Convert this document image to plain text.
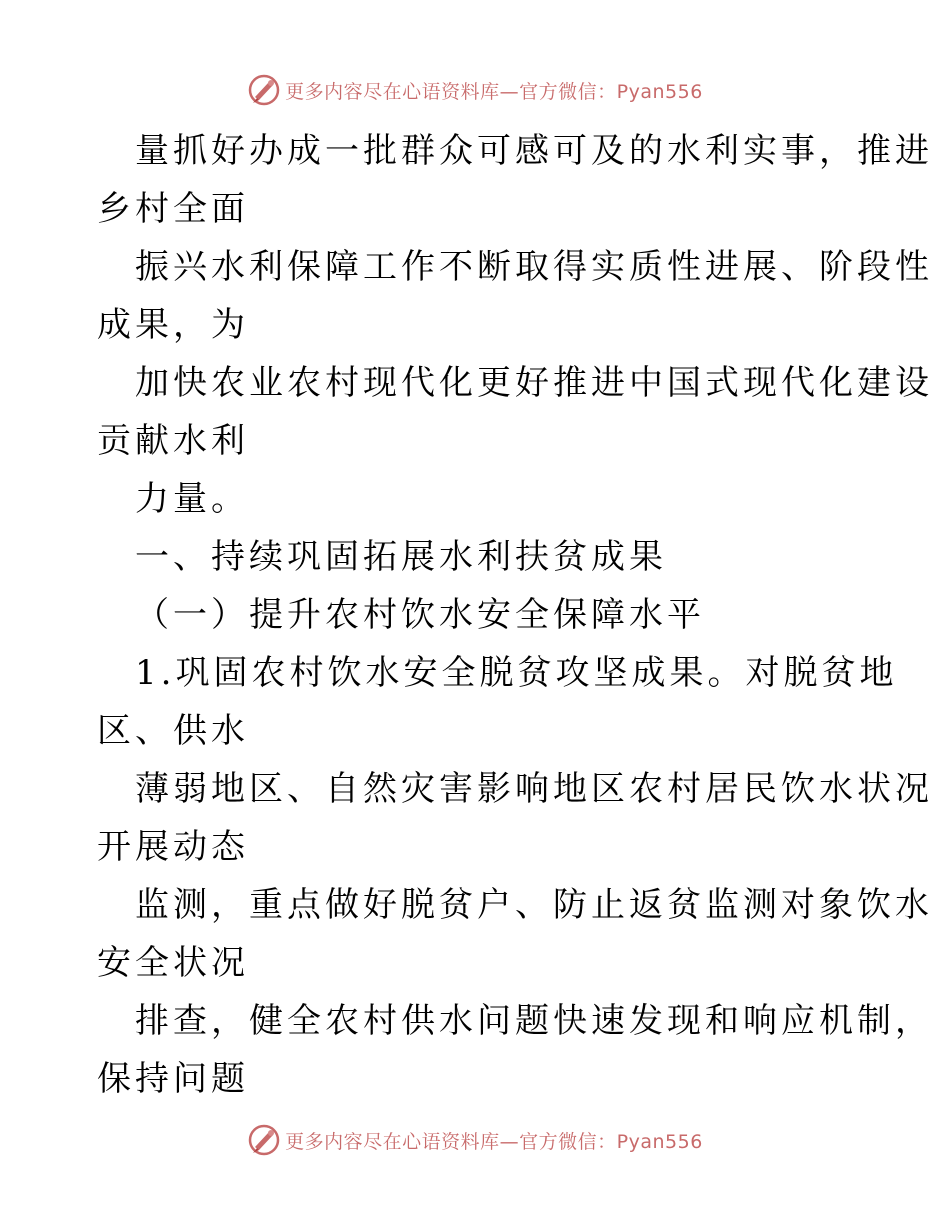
更多内容尽在心语资料库—官方微信：Pyan556
量抓好办成一批群众可感可及的水利实事，推进
乡村全面
振兴水利保障工作不断取得实质性进展、阶段性
成果，为
加快农业农村现代化更好推进中国式现代化建设
贡献水利
力量。
一、持续巩固拓展水利扶贫成果
（一）提升农村饮水安全保障水平
1.巩固农村饮水安全脱贫攻坚成果。对脱贫地
区、供水
薄弱地区、自然灾害影响地区农村居民饮水状况
开展动态
监测，重点做好脱贫户、防止返贫监测对象饮水
安全状况
排查，健全农村供水问题快速发现和响应机制，
保持问题
更多内容尽在心语资料库—官方微信：Pyan556
